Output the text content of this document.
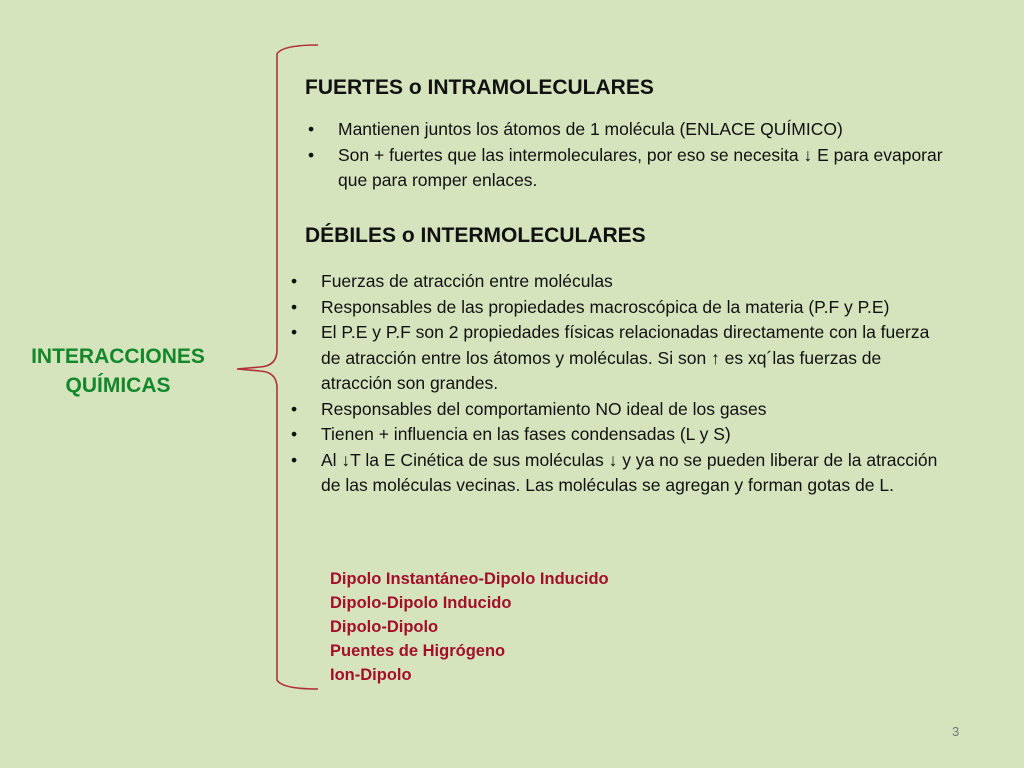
INTERACCIONES
QUÍMICAS
FUERTES o INTRAMOLECULARES
• Mantienen juntos los átomos de 1 molécula (ENLACE QUÍMICO)
• Son + fuertes que las intermoleculares, por eso se necesita ↓ E para evaporar que para romper enlaces.
DÉBILES o INTERMOLECULARES
• Fuerzas de atracción entre moléculas
• Responsables de las propiedades macroscópica de la materia (P.F y P.E)
• El P.E y P.F son 2 propiedades físicas relacionadas directamente con la fuerza de atracción entre los átomos y moléculas. Si son ↑ es xq´las fuerzas de atracción son grandes.
• Responsables del comportamiento NO ideal de los gases
• Tienen + influencia en las fases condensadas (L y S)
• Al ↓T la E Cinética de sus moléculas ↓ y ya no se pueden liberar de la atracción de las moléculas vecinas. Las moléculas se agregan y forman gotas de L.
Dipolo Instantáneo-Dipolo Inducido
Dipolo-Dipolo Inducido
Dipolo-Dipolo
Puentes de Higrógeno
Ion-Dipolo
3
